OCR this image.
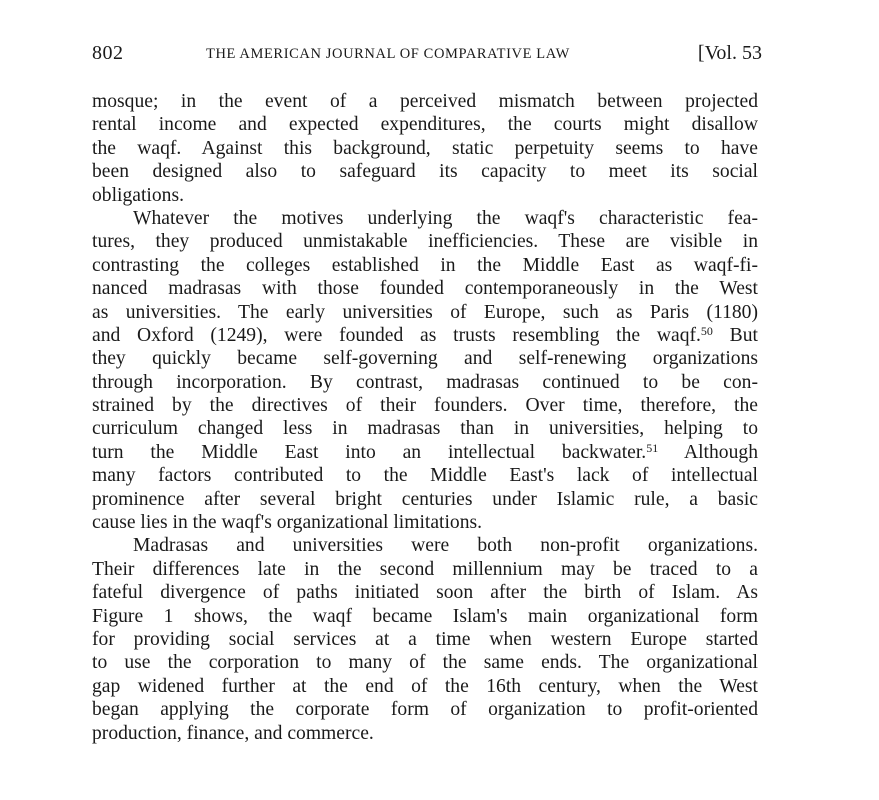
802	THE AMERICAN JOURNAL OF COMPARATIVE LAW	[Vol. 53
mosque; in the event of a perceived mismatch between projected
rental income and expected expenditures, the courts might disallow
the waqf. Against this background, static perpetuity seems to have
been designed also to safeguard its capacity to meet its social
obligations.
Whatever the motives underlying the waqf's characteristic fea-
tures, they produced unmistakable inefficiencies. These are visible in
contrasting the colleges established in the Middle East as waqf-fi-
nanced madrasas with those founded contemporaneously in the West
as universities. The early universities of Europe, such as Paris (1180)
and Oxford (1249), were founded as trusts resembling the waqf.$^{50}$ But
they quickly became self-governing and self-renewing organizations
through incorporation. By contrast, madrasas continued to be con-
strained by the directives of their founders. Over time, therefore, the
curriculum changed less in madrasas than in universities, helping to
turn the Middle East into an intellectual backwater.$^{51}$ Although
many factors contributed to the Middle East's lack of intellectual
prominence after several bright centuries under Islamic rule, a basic
cause lies in the waqf's organizational limitations.
Madrasas and universities were both non-profit organizations.
Their differences late in the second millennium may be traced to a
fateful divergence of paths initiated soon after the birth of Islam. As
Figure 1 shows, the waqf became Islam's main organizational form
for providing social services at a time when western Europe started
to use the corporation to many of the same ends. The organizational
gap widened further at the end of the 16th century, when the West
began applying the corporate form of organization to profit-oriented
production, finance, and commerce.
